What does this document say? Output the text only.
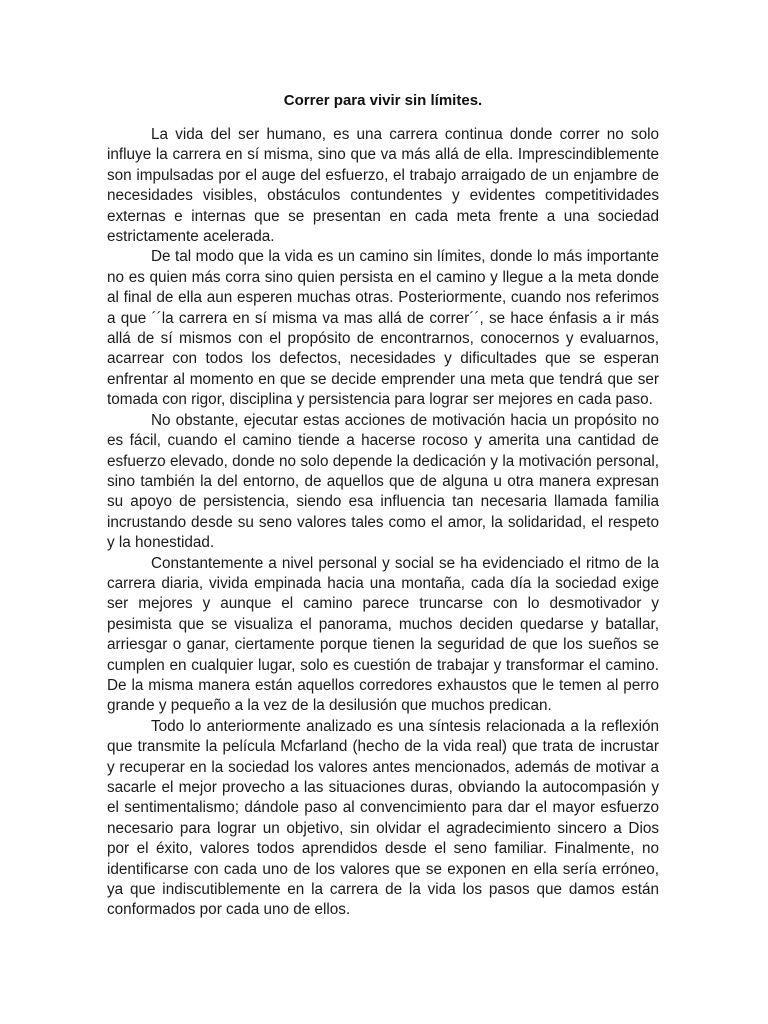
Correr para vivir sin límites.

La vida del ser humano, es una carrera continua donde correr no solo influye la carrera en sí misma, sino que va más allá de ella. Imprescindiblemente son impulsadas por el auge del esfuerzo, el trabajo arraigado de un enjambre de necesidades visibles, obstáculos contundentes y evidentes competitividades externas e internas que se presentan en cada meta frente a una sociedad estrictamente acelerada.

De tal modo que la vida es un camino sin límites, donde lo más importante no es quien más corra sino quien persista en el camino y llegue a la meta donde al final de ella aun esperen muchas otras. Posteriormente, cuando nos referimos a que ´´la carrera en sí misma va mas allá de correr´´, se hace énfasis a ir más allá de sí mismos con el propósito de encontrarnos, conocernos y evaluarnos, acarrear con todos los defectos, necesidades y dificultades que se esperan enfrentar al momento en que se decide emprender una meta que tendrá que ser tomada con rigor, disciplina y persistencia para lograr ser mejores en cada paso.

No obstante, ejecutar estas acciones de motivación hacia un propósito no es fácil, cuando el camino tiende a hacerse rocoso y amerita una cantidad de esfuerzo elevado, donde no solo depende la dedicación y la motivación personal, sino también la del entorno, de aquellos que de alguna u otra manera expresan su apoyo de persistencia, siendo esa influencia tan necesaria llamada familia incrustando desde su seno valores tales como el amor, la solidaridad, el respeto y la honestidad.

Constantemente a nivel personal y social se ha evidenciado el ritmo de la carrera diaria, vivida empinada hacia una montaña, cada día la sociedad exige ser mejores y aunque el camino parece truncarse con lo desmotivador y pesimista que se visualiza el panorama, muchos deciden quedarse y batallar, arriesgar o ganar, ciertamente porque tienen la seguridad de que los sueños se cumplen en cualquier lugar, solo es cuestión de trabajar y transformar el camino. De la misma manera están aquellos corredores exhaustos que le temen al perro grande y pequeño a la vez de la desilusión que muchos predican.

Todo lo anteriormente analizado es una síntesis relacionada a la reflexión que transmite la película Mcfarland (hecho de la vida real) que trata de incrustar y recuperar en la sociedad los valores antes mencionados, además de motivar a sacarle el mejor provecho a las situaciones duras, obviando la autocompasión y el sentimentalismo; dándole paso al convencimiento para dar el mayor esfuerzo necesario para lograr un objetivo, sin olvidar el agradecimiento sincero a Dios por el éxito, valores todos aprendidos desde el seno familiar. Finalmente, no identificarse con cada uno de los valores que se exponen en ella sería erróneo, ya que indiscutiblemente en la carrera de la vida los pasos que damos están conformados por cada uno de ellos.
